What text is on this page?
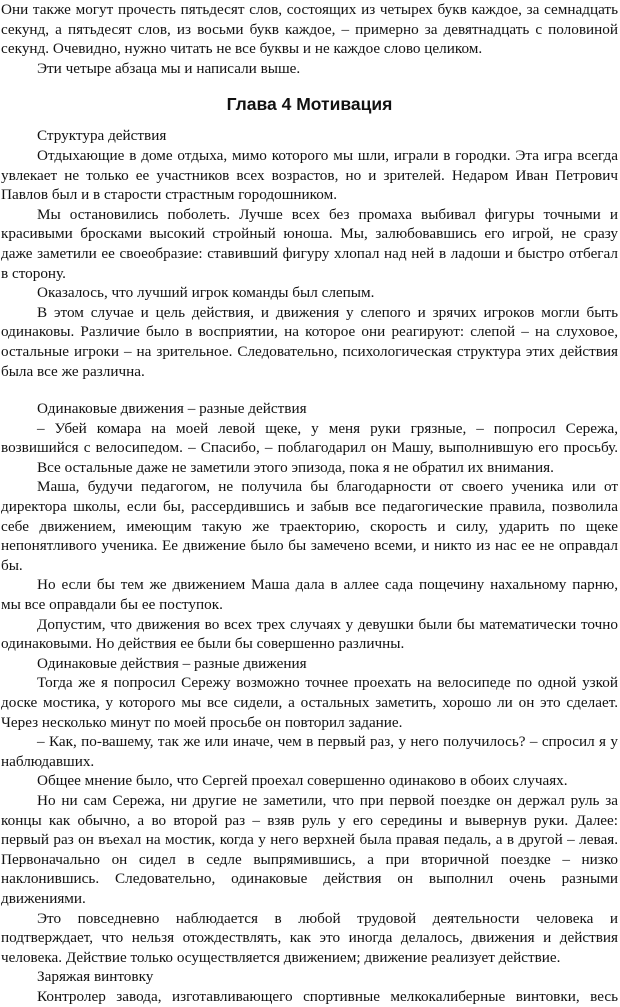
Они также могут прочесть пятьдесят слов, состоящих из четырех букв каждое, за семнадцать
секунд, а пятьдесят слов, из восьми букв каждое, – примерно за девятнадцать с половиной
секунд. Очевидно, нужно читать не все буквы и не каждое слово целиком.
Эти четыре абзаца мы и написали выше.
Глава 4 Мотивация
Структура действия
Отдыхающие в доме отдыха, мимо которого мы шли, играли в городки. Эта игра всегда
увлекает не только ее участников всех возрастов, но и зрителей. Недаром Иван Петрович
Павлов был и в старости страстным городошником.
Мы остановились поболеть. Лучше всех без промаха выбивал фигуры точными и
красивыми бросками высокий стройный юноша. Мы, залюбовавшись его игрой, не сразу
даже заметили ее своеобразие: ставивший фигуру хлопал над ней в ладоши и быстро отбегал
в сторону.
Оказалось, что лучший игрок команды был слепым.
В этом случае и цель действия, и движения у слепого и зрячих игроков могли быть
одинаковы. Различие было в восприятии, на которое они реагируют: слепой – на слуховое,
остальные игроки – на зрительное. Следовательно, психологическая структура этих действия
была все же различна.
Одинаковые движения – разные действия
– Убей комара на моей левой щеке, у меня руки грязные, – попросил Сережа,
возвишийся с велосипедом. – Спасибо, – поблагодарил он Машу, выполнившую его просьбу.
Все остальные даже не заметили этого эпизода, пока я не обратил их внимания.
Маша, будучи педагогом, не получила бы благодарности от своего ученика или от
директора школы, если бы, рассердившись и забыв все педагогические правила, позволила
себе движением, имеющим такую же траекторию, скорость и силу, ударить по щеке
непонятливого ученика. Ее движение было бы замечено всеми, и никто из нас ее не оправдал
бы.
Но если бы тем же движением Маша дала в аллее сада пощечину нахальному парню,
мы все оправдали бы ее поступок.
Допустим, что движения во всех трех случаях у девушки были бы математически точно
одинаковыми. Но действия ее были бы совершенно различны.
Одинаковые действия – разные движения
Тогда же я попросил Сережу возможно точнее проехать на велосипеде по одной узкой
доске мостика, у которого мы все сидели, а остальных заметить, хорошо ли он это сделает.
Через несколько минут по моей просьбе он повторил задание.
– Как, по-вашему, так же или иначе, чем в первый раз, у него получилось? – спросил я у
наблюдавших.
Общее мнение было, что Сергей проехал совершенно одинаково в обоих случаях.
Но ни сам Сережа, ни другие не заметили, что при первой поездке он держал руль за
концы как обычно, а во второй раз – взяв руль у его середины и вывернув руки. Далее:
первый раз он въехал на мостик, когда у него верхней была правая педаль, а в другой – левая.
Первоначально он сидел в седле выпрямившись, а при вторичной поездке – низко
наклонившись. Следовательно, одинаковые действия он выполнил очень разными
движениями.
Это повседневно наблюдается в любой трудовой деятельности человека и
подтверждает, что нельзя отождествлять, как это иногда делалось, движения и действия
человека. Действие только осуществляется движением; движение реализует действие.
Заряжая винтовку
Контролер завода, изготавливающего спортивные мелкокалиберные винтовки, весь
